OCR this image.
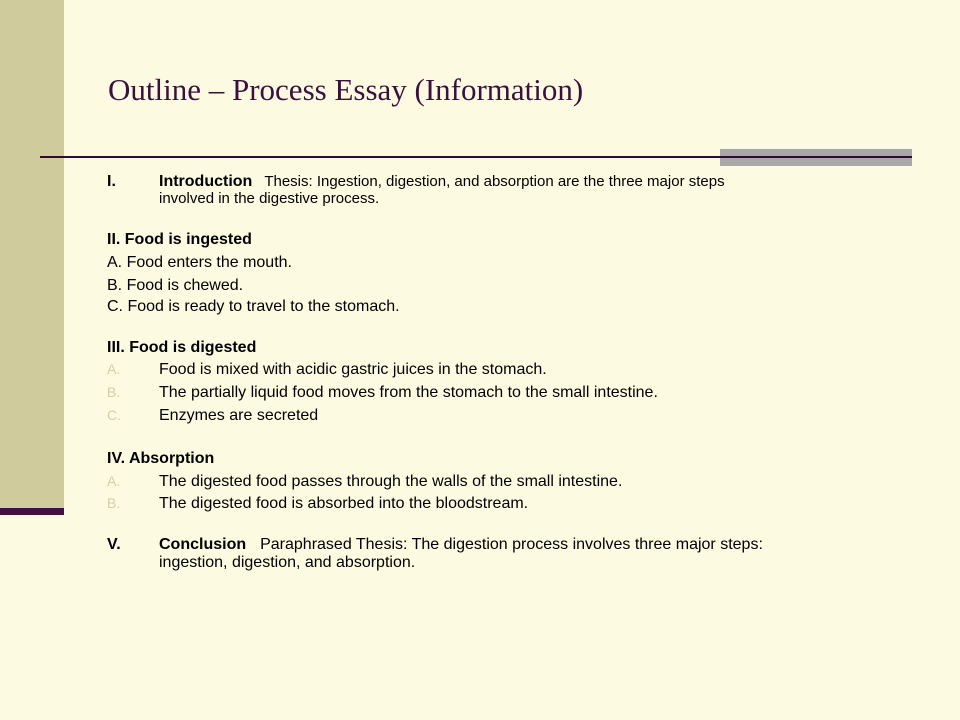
Outline – Process Essay (Information)
I.	Introduction Thesis: Ingestion, digestion, and absorption are the three major steps
involved in the digestive process.
II. Food is ingested
A. Food enters the mouth.
B. Food is chewed.
C. Food is ready to travel to the stomach.
III. Food is digested
A. Food is mixed with acidic gastric juices in the stomach.
B. The partially liquid food moves from the stomach to the small intestine.
C. Enzymes are secreted
IV. Absorption
A. The digested food passes through the walls of the small intestine.
B. The digested food is absorbed into the bloodstream.
V. Conclusion Paraphrased Thesis: The digestion process involves three major steps:
ingestion, digestion, and absorption.
